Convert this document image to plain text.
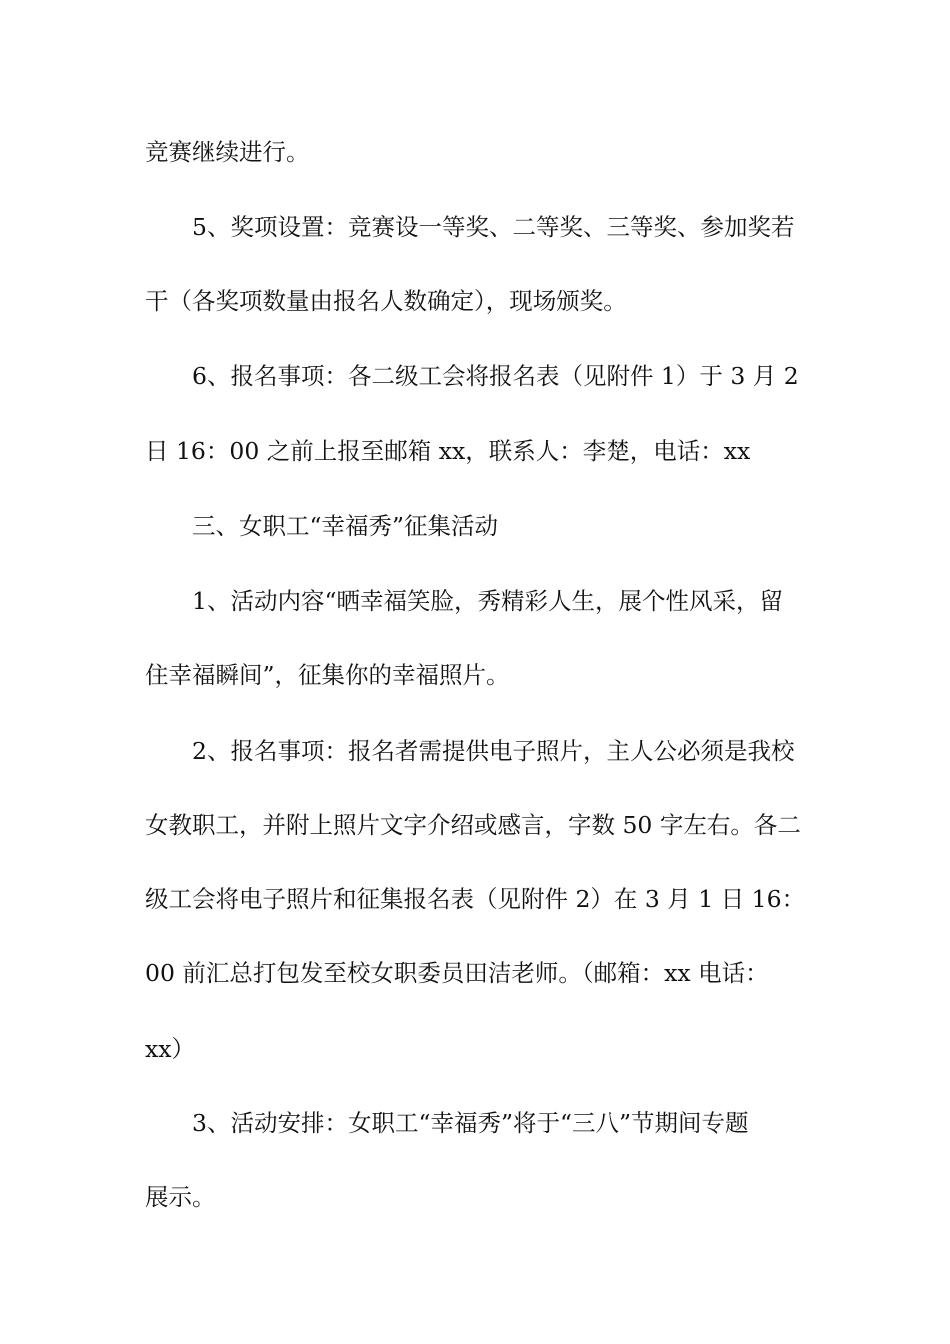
竞赛继续进行。
5、奖项设置：竞赛设一等奖、二等奖、三等奖、参加奖若
干（各奖项数量由报名人数确定），现场颁奖。
6、报名事项：各二级工会将报名表（见附件 1）于 3 月 2
日 16：00 之前上报至邮箱 xx，联系人：李楚，电话：xx
三、女职工“幸福秀”征集活动
1、活动内容“晒幸福笑脸，秀精彩人生，展个性风采，留
住幸福瞬间”，征集你的幸福照片。
2、报名事项：报名者需提供电子照片，主人公必须是我校
女教职工，并附上照片文字介绍或感言，字数 50 字左右。各二
级工会将电子照片和征集报名表（见附件 2）在 3 月 1 日 16：
00 前汇总打包发至校女职委员田洁老师。（邮箱：xx 电话：
xx）
3、活动安排：女职工“幸福秀”将于“三八”节期间专题
展示。
